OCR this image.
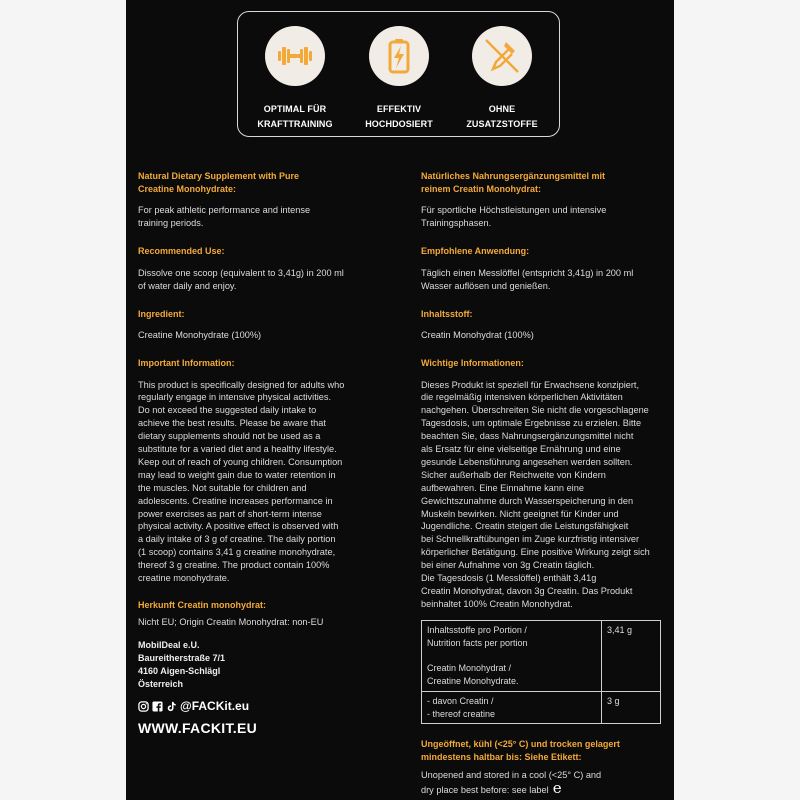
OPTIMAL FÜR
KRAFTTRAINING
EFFEKTIV
HOCHDOSIERT
OHNE
ZUSATZSTOFFE
Natural Dietary Supplement with Pure
Creatine Monohydrate:
For peak athletic performance and intense
training periods.
Recommended Use:
Dissolve one scoop (equivalent to 3,41g) in 200 ml
of water daily and enjoy.
Ingredient:
Creatine Monohydrate (100%)
Important Information:
This product is specifically designed for adults who
regularly engage in intensive physical activities.
Do not exceed the suggested daily intake to
achieve the best results. Please be aware that
dietary supplements should not be used as a
substitute for a varied diet and a healthy lifestyle.
Keep out of reach of young children. Consumption
may lead to weight gain due to water retention in
the muscles. Not suitable for children and
adolescents. Creatine increases performance in
power exercises as part of short-term intense
physical activity. A positive effect is observed with
a daily intake of 3 g of creatine. The daily portion
(1 scoop) contains 3,41 g creatine monohydrate,
thereof 3 g creatine. The product contain 100%
creatine monohydrate.
Herkunft Creatin monohydrat:
Nicht EU; Origin Creatin Monohydrat: non-EU
MobilDeal e.U.
Baureitherstraße 7/1
4160 Aigen-Schlägl
Österreich
@FACKit.eu
WWW.FACKIT.EU
Natürliches Nahrungsergänzungsmittel mit
reinem Creatin Monohydrat:
Für sportliche Höchstleistungen und intensive
Trainingsphasen.
Empfohlene Anwendung:
Täglich einen Messlöffel (entspricht 3,41g) in 200 ml
Wasser auflösen und genießen.
Inhaltsstoff:
Creatin Monohydrat (100%)
Wichtige Informationen:
Dieses Produkt ist speziell für Erwachsene konzipiert,
die regelmäßig intensiven körperlichen Aktivitäten
nachgehen. Überschreiten Sie nicht die vorgeschlagene
Tagesdosis, um optimale Ergebnisse zu erzielen. Bitte
beachten Sie, dass Nahrungsergänzungsmittel nicht
als Ersatz für eine vielseitige Ernährung und eine
gesunde Lebensführung angesehen werden sollten.
Sicher außerhalb der Reichweite von Kindern
aufbewahren. Eine Einnahme kann eine
Gewichtszunahme durch Wasserspeicherung in den
Muskeln bewirken. Nicht geeignet für Kinder und
Jugendliche. Creatin steigert die Leistungsfähigkeit
bei Schnellkraftübungen im Zuge kurzfristig intensiver
körperlicher Betätigung. Eine positive Wirkung zeigt sich
bei einer Aufnahme von 3g Creatin täglich.
Die Tagesdosis (1 Messlöffel) enthält 3,41g
Creatin Monohydrat, davon 3g Creatin. Das Produkt
beinhaltet 100% Creatin Monohydrat.
Inhaltsstoffe pro Portion /
Nutrition facts per portion

Creatin Monohydrat /
Creatine Monohydrate.	3,41 g
- davon Creatin /
- thereof creatine	3 g
Ungeöffnet, kühl (<25° C) und trocken gelagert
mindestens haltbar bis: Siehe Etikett:
Unopened and stored in a cool (<25° C) and
dry place best before: see label e
